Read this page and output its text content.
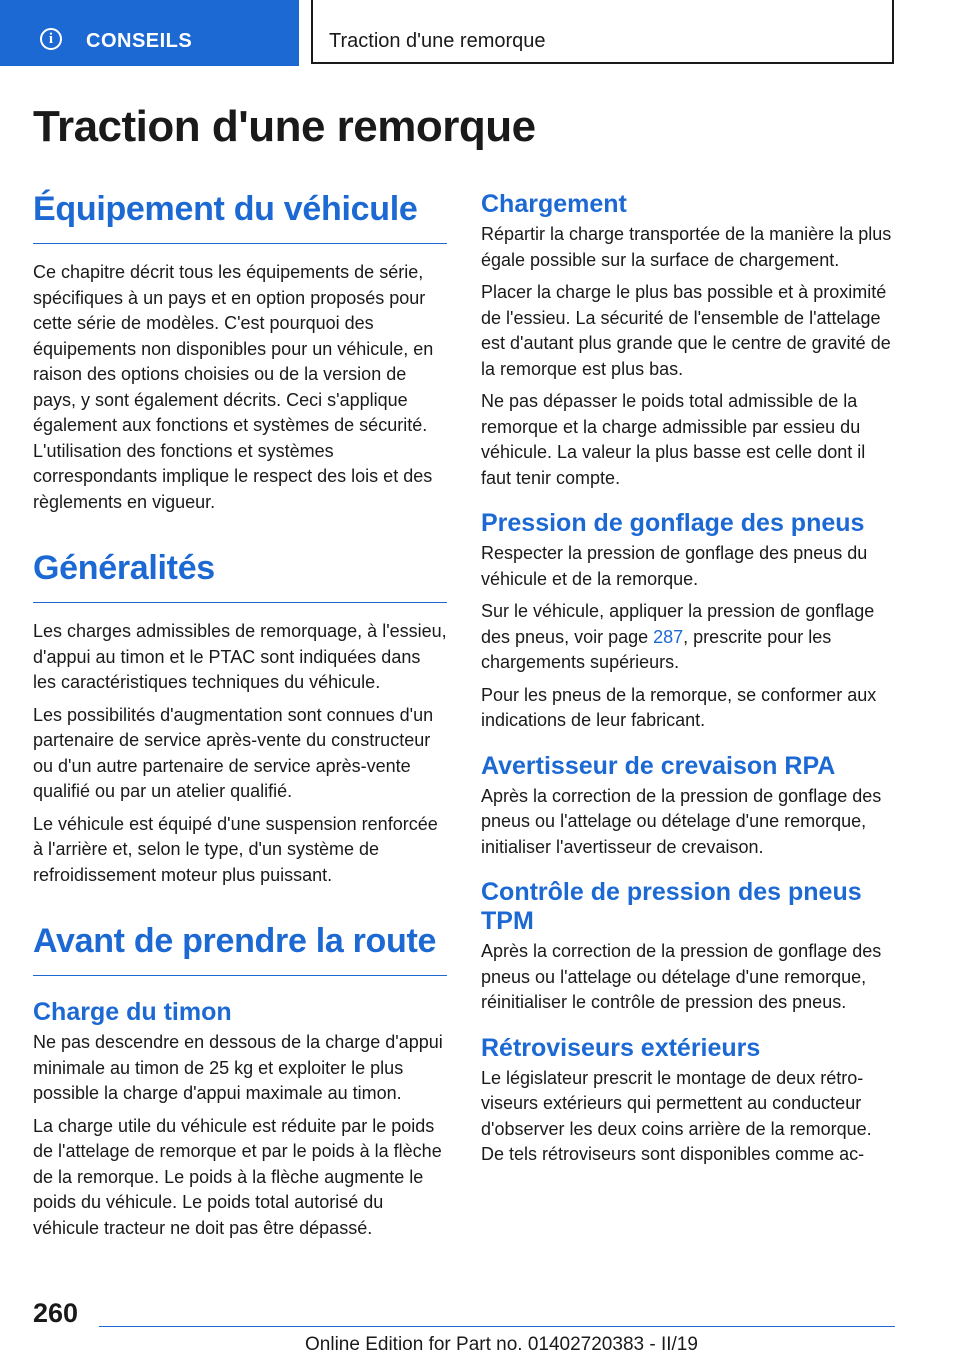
i	CONSEILS	Traction d'une remorque
Traction d'une remorque
Équipement du véhicule

Ce chapitre décrit tous les équipements de série, spécifiques à un pays et en option proposés pour cette série de modèles. C'est pourquoi des équipements non disponibles pour un véhicule, en raison des options choisies ou de la version de pays, y sont également décrits. Ceci s'applique également aux fonctions et systèmes de sécurité. L'utilisation des fonctions et systèmes correspondants implique le respect des lois et des règlements en vigueur.

Généralités

Les charges admissibles de remorquage, à l'essieu, d'appui au timon et le PTAC sont indiquées dans les caractéristiques techniques du véhicule.

Les possibilités d'augmentation sont connues d'un partenaire de service après-vente du constructeur ou d'un autre partenaire de service après-vente qualifié ou par un atelier qualifié.

Le véhicule est équipé d'une suspension renforcée à l'arrière et, selon le type, d'un système de refroidissement moteur plus puissant.

Avant de prendre la route
Charge du timon

Ne pas descendre en dessous de la charge d'appui minimale au timon de 25 kg et exploiter le plus possible la charge d'appui maximale au timon.

La charge utile du véhicule est réduite par le poids de l'attelage de remorque et par le poids à la flèche de la remorque. Le poids à la flèche augmente le poids du véhicule. Le poids total autorisé du véhicule tracteur ne doit pas être dépassé.

Chargement

Répartir la charge transportée de la manière la plus égale possible sur la surface de chargement.

Placer la charge le plus bas possible et à proximité de l'essieu. La sécurité de l'ensemble de l'attelage est d'autant plus grande que le centre de gravité de la remorque est plus bas.

Ne pas dépasser le poids total admissible de la remorque et la charge admissible par essieu du véhicule. La valeur la plus basse est celle dont il faut tenir compte.

Pression de gonflage des pneus

Respecter la pression de gonflage des pneus du véhicule et de la remorque.

Sur le véhicule, appliquer la pression de gonflage des pneus, voir page 287, prescrite pour les chargements supérieurs.

Pour les pneus de la remorque, se conformer aux indications de leur fabricant.

Avertisseur de crevaison RPA

Après la correction de la pression de gonflage des pneus ou l'attelage ou dételage d'une remorque, initialiser l'avertisseur de crevaison.

Contrôle de pression des pneus TPM

Après la correction de la pression de gonflage des pneus ou l'attelage ou dételage d'une remorque, réinitialiser le contrôle de pression des pneus.

Rétroviseurs extérieurs

Le législateur prescrit le montage de deux rétroviseurs extérieurs qui permettent au conducteur d'observer les deux coins arrière de la remorque. De tels rétroviseurs sont disponibles comme ac-

260
Online Edition for Part no. 01402720383 - II/19
